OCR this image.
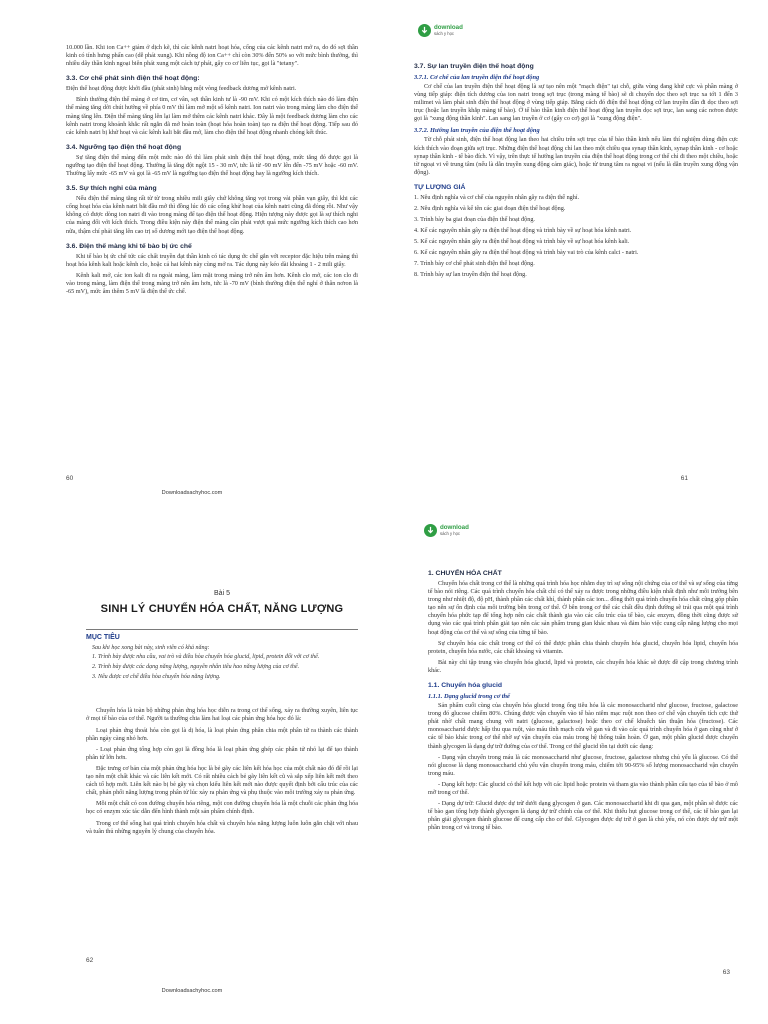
10.000 lần. Khi ion Ca++ giảm ở dịch kẽ, thì các kênh natri hoạt hóa, cổng của các kênh natri mở ra, do đó sợi thần kinh có tính hưng phấn cao (dễ phát xung). Khi nồng độ ion Ca++ chỉ còn 30% đến 50% so với mức bình thường, thì nhiều dây thần kinh ngoại biên phát xung một cách tự phát, gây co cơ liên tục, gọi là "tetany".

3.3. Cơ chế phát sinh điện thế hoạt động:

Điện thế hoạt động được khởi đầu (phát sinh) bằng một vòng feedback dương mở kênh natri.

Bình thường điện thế màng ở cơ tim, cơ vân, sợi thần kinh tư là -90 mV. Khi có một kích thích nào đó làm điện thế màng tăng dời chút hướng về phía 0 mV thì làm mở một số kênh natri. Ion natri vào trong màng làm cho điện thế màng tăng lên. Điện thế màng tăng lên lại làm mở thêm các kênh natri khác. Đây là một feedback dương làm cho các kênh natri trong khoảnh khắc rất ngắn đã mở hoàn toàn (hoạt hóa hoàn toàn) tạo ra điện thế hoạt động. Tiếp sau đó các kênh natri bị khử hoạt và các kênh kali bắt đầu mở, làm cho điện thế hoạt động nhanh chóng kết thúc.

3.4. Ngưỡng tạo điện thế hoạt động

Sự tăng điện thế màng đến một mức nào đó thì làm phát sinh điện thế hoạt động, mức tăng đó được gọi là ngưỡng tạo điện thế hoạt động. Thường là tăng đột ngột 15 - 30 mV, tức là từ -90 mV lên đến -75 mV hoặc -60 mV. Thường lấy mức -65 mV và gọi là -65 mV là ngưỡng tạo điện thế hoạt động hay là ngưỡng kích thích.

3.5. Sự thích nghi của màng

Nếu điện thế màng tăng rất từ từ trong nhiều mili giây chứ không tăng vọt trong vài phần vạn giây, thì khi các cổng hoạt hóa của kênh natri bắt đầu mở thì đồng lúc đó các cổng khử hoạt của kênh natri cũng đã đóng rồi. Như vậy không có được dòng ion natri đi vào trong màng để tạo điện thế hoạt động. Hiện tượng này được gọi là sự thích nghi của màng đối với kích thích. Trong điều kiện này điện thế màng cần phải vượt quá mức ngưỡng kích thích cao hơn nữa, thậm chí phải tăng lên cao trị số dương mới tạo điện thế hoạt động.

3.6. Điện thế màng khi tế bào bị ức chế

Khi tế bào bị ức chế tức các chất truyền đạt thần kinh có tác dụng ức chế gắn với receptor đặc hiệu trên màng thì hoạt hóa kênh kali hoặc kênh clo, hoặc cả hai kênh này cùng mở ra. Tác dụng này kéo dài khoảng 1 - 2 mili giây.

Kênh kali mở, các ion kali đi ra ngoài màng, làm mặt trong màng trở nên âm hơn. Kênh clo mở, các ion clo đi vào trong màng, làm điện thế trong màng trở nên âm hơn, tức là -70 mV (bình thường điện thế nghỉ ở thân nơron là -65 mV), mức âm thêm 5 mV là điện thế ức chế.

60
Downloadsachyhoc.com
download
sách y học
3.7. Sự lan truyền điện thế hoạt động
3.7.1. Cơ chế của lan truyền điện thế hoạt động

Cơ chế của lan truyền điện thế hoạt động là sự tạo nên một "mạch điện" tại chỗ, giữa vùng đang khử cực và phần màng ở vùng tiếp giáp: điện tích dương của ion natri trong sợi trục (trong màng tế bào) sẽ di chuyển dọc theo sợi trục xa tới 1 đến 3 milimet và làm phát sinh điện thế hoạt động ở vùng tiếp giáp. Bằng cách đó điện thế hoạt động cứ lan truyền dần đi dọc theo sợi trục (hoặc lan truyền khắp màng tế bào). Ở tế bào thần kinh điện thế hoạt động lan truyền dọc sợi trục, lan sang các nơron được gọi là "xung động thần kinh". Lan sang lan truyền ở cơ (gây co cơ) gọi là "xung động điện".

3.7.2. Hướng lan truyền của điện thế hoạt động

Từ chỗ phát sinh, điện thế hoạt động lan theo hai chiều trên sợi trục của tế bào thần kinh nếu làm thí nghiệm dùng điện cực kích thích vào đoạn giữa sợi trục. Những điện thế hoạt động chỉ lan theo một chiều qua synap thần kinh, synap thần kinh - cơ hoặc synap thần kinh - tế bào đích. Vì vậy, trên thực tế hướng lan truyền của điện thế hoạt động trong cơ thể chỉ đi theo một chiều, hoặc từ ngoại vi về trung tâm (nếu là dẫn truyền xung động cảm giác), hoặc từ trung tâm ra ngoại vi (nếu là dẫn truyền xung động vận động).

TỰ LƯỢNG GIÁ
1. Nêu định nghĩa và cơ chế của nguyên nhân gây ra điện thế nghỉ.
2. Nêu định nghĩa và kể tên các giai đoạn điện thế hoạt động.
3. Trình bày ba giai đoạn của điện thế hoạt động.
4. Kể các nguyên nhân gây ra điện thế hoạt động và trình bày về sự hoạt hóa kênh natri.
5. Kể các nguyên nhân gây ra điện thế hoạt động và trình bày về sự hoạt hóa kênh kali.
6. Kể các nguyên nhân gây ra điện thế hoạt động và trình bày vai trò của kênh calci - natri.
7. Trình bày cơ chế phát sinh điện thế hoạt động.
8. Trình bày sự lan truyền điện thế hoạt động.
61
Bài 5
SINH LÝ CHUYỂN HÓA CHẤT, NĂNG LƯỢNG
MỤC TIÊU
Sau khi học xong bài này, sinh viên có khả năng:
1. Trình bày được nhu cầu, vai trò và điều hòa chuyển hóa glucid, lipid, protein đối với cơ thể.
2. Trình bày được các dạng năng lượng, nguyên nhân tiêu hao năng lượng của cơ thể.
3. Nêu được cơ chế điều hòa chuyển hóa năng lượng.

Chuyển hóa là toàn bộ những phản ứng hóa học diễn ra trong cơ thể sống, xảy ra thường xuyên, liên tục ở mọi tế bào của cơ thể. Người ta thường chia làm hai loại các phản ứng hóa học đó là:

Loại phản ứng thoái hóa còn gọi là dị hóa, là loại phản ứng phân chia một phân tử ra thành các thành phần ngày càng nhỏ hơn.

- Loại phản ứng tổng hợp còn gọi là đồng hóa là loại phản ứng ghép các phân tử nhỏ lại để tạo thành phân tử lớn hơn.

Đặc trưng cơ bản của một phản ứng hóa học là bẻ gãy các liên kết hóa học của một chất nào đó để rồi lại tạo nên một chất khác và các liên kết mới. Có rất nhiều cách bẻ gãy liên kết cũ và sắp xếp liên kết mới theo cách tổ hợp mới. Liên kết nào bị bẻ gãy và chọn kiểu liên kết mới nào được quyết định bởi cấu trúc của các chất, phản phối năng lượng trong phân tử lúc xảy ra phản ứng và phụ thuộc vào môi trường xảy ra phản ứng.

Mỗi một chất có con đường chuyển hóa riêng, một con đường chuyển hóa là một chuỗi các phản ứng hóa học có enzym xúc tác dẫn đến hình thành một sản phẩm chính định.

Trong cơ thể sống hai quá trình chuyển hóa chất và chuyển hóa năng lượng luôn luôn gắn chặt với nhau và tuân thủ những nguyên lý chung của chuyển hóa.

62
Downloadsachyhoc.com
download
sách y học
1. CHUYỂN HÓA CHẤT

Chuyển hóa chất trong cơ thể là những quá trình hóa học nhằm duy trì sự sống nội chứng của cơ thể và sự sống của từng tế bào nói riêng. Các quá trình chuyển hóa chất chỉ có thể xảy ra được trong những điều kiện nhất định như môi trường bên trong như nhiệt độ, độ pH, thành phần các chất khí, thành phần các ion... đồng thời quá trình chuyển hóa chất cũng góp phần tạo nên sự ổn định của môi trường bên trong cơ thể. Ở bên trong cơ thể các chất đều định đường sẽ trải qua một quá trình chuyển hóa phức tạp để tổng hợp nên các chất thành gia vào các cấu trúc của tế bào, các enzym, đồng thời cũng được sử dụng vào các quá trình phân giải tạo nên các sản phẩm trung gian khác nhau và đảm bảo việc cung cấp năng lượng cho mọi hoạt động của cơ thể và sự sống của từng tế bào.

Sự chuyển hóa các chất trong cơ thể có thể được phân chia thành chuyển hóa glucid, chuyển hóa lipid, chuyển hóa protein, chuyển hóa nước, các chất khoáng và vitamin.

Bài này chỉ tập trung vào chuyển hóa glucid, lipid và protein, các chuyển hóa khác sẽ được đề cập trong chương trình khác.

1.1. Chuyển hóa glucid
1.1.1. Dạng glucid trong cơ thể

Sản phẩm cuối cùng của chuyển hóa glucid trong ống tiêu hóa là các monosaccharid như glucose, fructose, galactose trong đó glucose chiếm 80%. Chúng được vận chuyển vào tế bào niêm mạc ruột non theo cơ chế vận chuyển tích cực thứ phát nhờ chất mang chung với natri (glucose, galactose) hoặc theo cơ chế khuếch tán thuận hóa (fructose). Các monosaccharid được hấp thu qua ruột, vào máu tĩnh mạch cửa về gan và đi vào các quá trình chuyển hóa ở gan cũng như ở các tế bào khác trong cơ thể nhờ sự vận chuyển của máu trong hệ thống tuần hoàn. Ở gan, một phần glucid được chuyển thành glycogen là dạng dự trữ đường của cơ thể. Trong cơ thể glucid tồn tại dưới các dạng:

- Dạng vận chuyển trong máu là các monosaccharid như glucose, fructose, galactose nhưng chủ yếu là glucose. Có thể nói glucose là dạng monosaccharid chủ yếu vận chuyển trong máu, chiếm tới 90-95% số lượng monosaccharid vận chuyển trong máu.

- Dạng kết hợp: Các glucid có thể kết hợp với các lipid hoặc protein và tham gia vào thành phần cấu tạo của tế bào ở mô mỡ trong cơ thể.

- Dạng dự trữ: Glucid được dự trữ dưới dạng glycogen ở gan. Các monosaccharid khi đi qua gan, một phần sẽ được các tế bào gan tổng hợp thành glycogen là dạng dự trữ chính của cơ thể. Khi thiếu hụt glucose trong cơ thể, các tế bào gan lại phân giải glycogen thành glucose để cung cấp cho cơ thể. Glycogen được dự trữ ở gan là chủ yếu, nó còn được dự trữ một phần trong cơ và trong tế bào.

63
